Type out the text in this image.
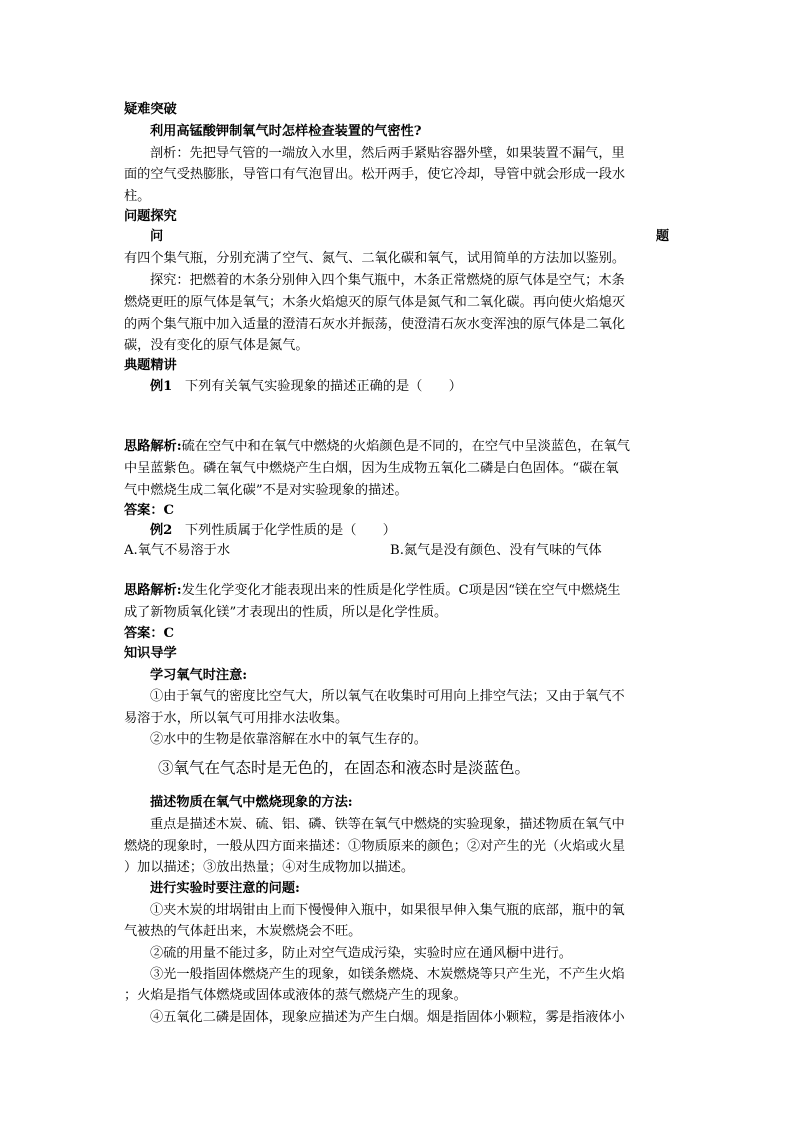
疑难突破
利用高锰酸钾制氧气时怎样检查装置的气密性?
剖析：先把导气管的一端放入水里，然后两手紧贴容器外壁，如果装置不漏气，里
面的空气受热膨胀，导管口有气泡冒出。松开两手，使它冷却，导管中就会形成一段水
柱。
问题探究
问	题
有四个集气瓶，分别充满了空气、氮气、二氧化碳和氧气，试用简单的方法加以鉴别。
探究：把燃着的木条分别伸入四个集气瓶中，木条正常燃烧的原气体是空气；木条
燃烧更旺的原气体是氧气；木条火焰熄灭的原气体是氮气和二氧化碳。再向使火焰熄灭
的两个集气瓶中加入适量的澄清石灰水并振荡，使澄清石灰水变浑浊的原气体是二氧化
碳，没有变化的原气体是氮气。
典题精讲
例1 下列有关氧气实验现象的描述正确的是（　　）
思路解析:硫在空气中和在氧气中燃烧的火焰颜色是不同的，在空气中呈淡蓝色，在氧气
中呈蓝紫色。磷在氧气中燃烧产生白烟，因为生成物五氧化二磷是白色固体。“碳在氧
气中燃烧生成二氧化碳”不是对实验现象的描述。
答案：C
例2 下列性质属于化学性质的是（　　）
A.氧气不易溶于水	B.氮气是没有颜色、没有气味的气体
思路解析:发生化学变化才能表现出来的性质是化学性质。C项是因“镁在空气中燃烧生
成了新物质氧化镁”才表现出的性质，所以是化学性质。
答案：C
知识导学
学习氧气时注意:
①由于氧气的密度比空气大，所以氧气在收集时可用向上排空气法；又由于氧气不
易溶于水，所以氧气可用排水法收集。
②水中的生物是依靠溶解在水中的氧气生存的。
③氧气在气态时是无色的，在固态和液态时是淡蓝色。
描述物质在氧气中燃烧现象的方法:
重点是描述木炭、硫、铝、磷、铁等在氧气中燃烧的实验现象，描述物质在氧气中
燃烧的现象时，一般从四方面来描述：①物质原来的颜色；②对产生的光（火焰或火星
）加以描述；③放出热量；④对生成物加以描述。
进行实验时要注意的问题:
①夹木炭的坩埚钳由上而下慢慢伸入瓶中，如果很早伸入集气瓶的底部，瓶中的氧
气被热的气体赶出来，木炭燃烧会不旺。
②硫的用量不能过多，防止对空气造成污染，实验时应在通风橱中进行。
③光一般指固体燃烧产生的现象，如镁条燃烧、木炭燃烧等只产生光，不产生火焰
；火焰是指气体燃烧或固体或液体的蒸气燃烧产生的现象。
④五氧化二磷是固体，现象应描述为产生白烟。烟是指固体小颗粒，雾是指液体小
